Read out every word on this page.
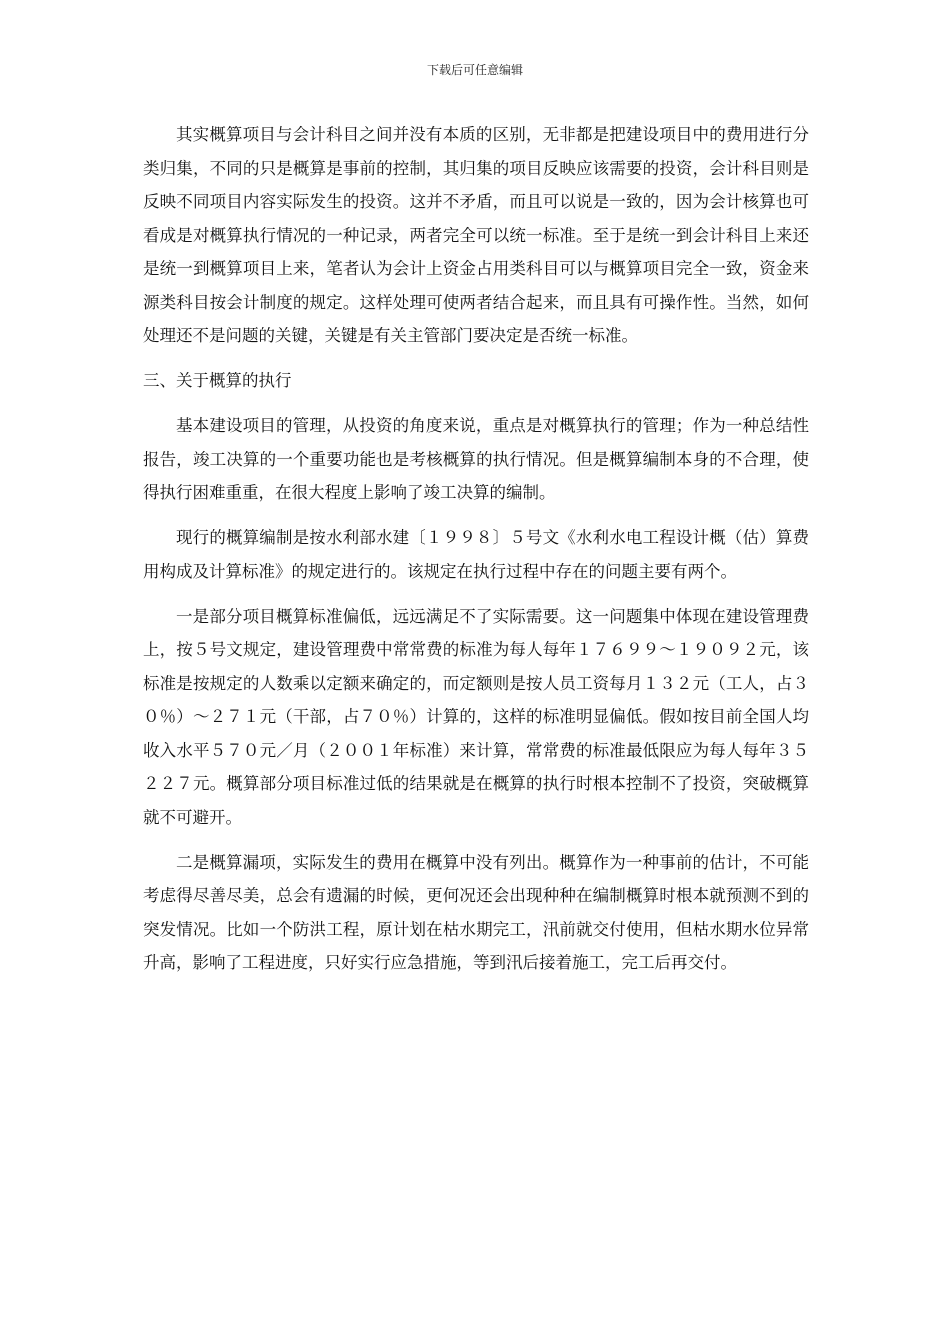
下载后可任意编辑

其实概算项目与会计科目之间并没有本质的区别，无非都是把建设项目中的费用进行分类归集，不同的只是概算是事前的控制，其归集的项目反映应该需要的投资，会计科目则是反映不同项目内容实际发生的投资。这并不矛盾，而且可以说是一致的，因为会计核算也可看成是对概算执行情况的一种记录，两者完全可以统一标准。至于是统一到会计科目上来还是统一到概算项目上来，笔者认为会计上资金占用类科目可以与概算项目完全一致，资金来源类科目按会计制度的规定。这样处理可使两者结合起来，而且具有可操作性。当然，如何处理还不是问题的关键，关键是有关主管部门要决定是否统一标准。

三、关于概算的执行

基本建设项目的管理，从投资的角度来说，重点是对概算执行的管理；作为一种总结性报告，竣工决算的一个重要功能也是考核概算的执行情况。但是概算编制本身的不合理，使得执行困难重重，在很大程度上影响了竣工决算的编制。

现行的概算编制是按水利部水建〔１９９８〕５号文《水利水电工程设计概（估）算费用构成及计算标准》的规定进行的。该规定在执行过程中存在的问题主要有两个。

一是部分项目概算标准偏低，远远满足不了实际需要。这一问题集中体现在建设管理费上，按５号文规定，建设管理费中常常费的标准为每人每年１７６９９～１９０９２元，该标准是按规定的人数乘以定额来确定的，而定额则是按人员工资每月１３２元（工人，占３０％）～２７１元（干部，占７０％）计算的，这样的标准明显偏低。假如按目前全国人均收入水平５７０元／月（２００１年标准）来计算，常常费的标准最低限应为每人每年３５２２７元。概算部分项目标准过低的结果就是在概算的执行时根本控制不了投资，突破概算就不可避开。

二是概算漏项，实际发生的费用在概算中没有列出。概算作为一种事前的估计，不可能考虑得尽善尽美，总会有遗漏的时候，更何况还会出现种种在编制概算时根本就预测不到的突发情况。比如一个防洪工程，原计划在枯水期完工，汛前就交付使用，但枯水期水位异常升高，影响了工程进度，只好实行应急措施，等到汛后接着施工，完工后再交付。
